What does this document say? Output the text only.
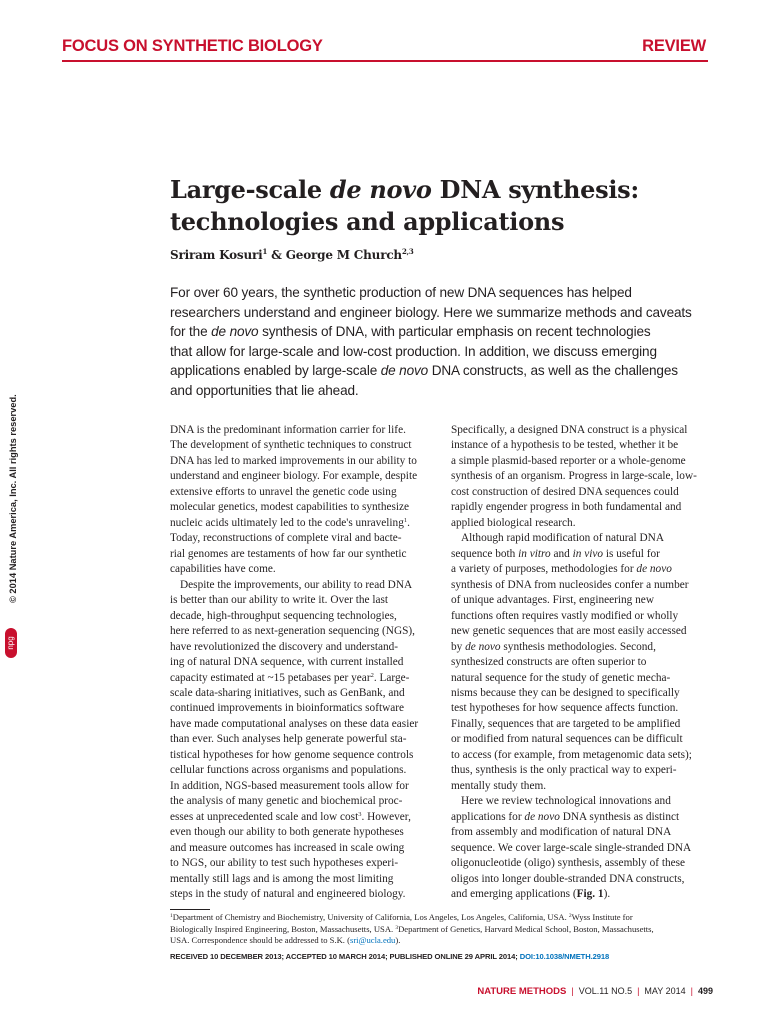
FOCUS ON SYNTHETIC BIOLOGY	REVIEW
Large-scale de novo DNA synthesis:
technologies and applications
Sriram Kosuri$^1$ & George M Church$^{2,3}$
For over 60 years, the synthetic production of new DNA sequences has helped
researchers understand and engineer biology. Here we summarize methods and caveats
for the de novo synthesis of DNA, with particular emphasis on recent technologies
that allow for large-scale and low-cost production. In addition, we discuss emerging
applications enabled by large-scale de novo DNA constructs, as well as the challenges
and opportunities that lie ahead.
© 2014 Nature America, Inc. All rights reserved.
npg
DNA is the predominant information carrier for life.
The development of synthetic techniques to construct
DNA has led to marked improvements in our ability to
understand and engineer biology. For example, despite
extensive efforts to unravel the genetic code using
molecular genetics, modest capabilities to synthesize
nucleic acids ultimately led to the code's unraveling$^1$.
Today, reconstructions of complete viral and bacte-
rial genomes are testaments of how far our synthetic
capabilities have come.
Despite the improvements, our ability to read DNA
is better than our ability to write it. Over the last
decade, high-throughput sequencing technologies,
here referred to as next-generation sequencing (NGS),
have revolutionized the discovery and understand-
ing of natural DNA sequence, with current installed
capacity estimated at ~15 petabases per year$^2$. Large-
scale data-sharing initiatives, such as GenBank, and
continued improvements in bioinformatics software
have made computational analyses on these data easier
than ever. Such analyses help generate powerful sta-
tistical hypotheses for how genome sequence controls
cellular functions across organisms and populations.
In addition, NGS-based measurement tools allow for
the analysis of many genetic and biochemical proc-
esses at unprecedented scale and low cost$^3$. However,
even though our ability to both generate hypotheses
and measure outcomes has increased in scale owing
to NGS, our ability to test such hypotheses experi-
mentally still lags and is among the most limiting
steps in the study of natural and engineered biology.
Specifically, a designed DNA construct is a physical
instance of a hypothesis to be tested, whether it be
a simple plasmid-based reporter or a whole-genome
synthesis of an organism. Progress in large-scale, low-
cost construction of desired DNA sequences could
rapidly engender progress in both fundamental and
applied biological research.
Although rapid modification of natural DNA
sequence both in vitro and in vivo is useful for
a variety of purposes, methodologies for de novo
synthesis of DNA from nucleosides confer a number
of unique advantages. First, engineering new
functions often requires vastly modified or wholly
new genetic sequences that are most easily accessed
by de novo synthesis methodologies. Second,
synthesized constructs are often superior to
natural sequence for the study of genetic mecha-
nisms because they can be designed to specifically
test hypotheses for how sequence affects function.
Finally, sequences that are targeted to be amplified
or modified from natural sequences can be difficult
to access (for example, from metagenomic data sets);
thus, synthesis is the only practical way to experi-
mentally study them.
Here we review technological innovations and
applications for de novo DNA synthesis as distinct
from assembly and modification of natural DNA
sequence. We cover large-scale single-stranded DNA
oligonucleotide (oligo) synthesis, assembly of these
oligos into longer double-stranded DNA constructs,
and emerging applications (Fig. 1).
$^1$Department of Chemistry and Biochemistry, University of California, Los Angeles, Los Angeles, California, USA. $^2$Wyss Institute for
Biologically Inspired Engineering, Boston, Massachusetts, USA. $^3$Department of Genetics, Harvard Medical School, Boston, Massachusetts,
USA. Correspondence should be addressed to S.K. (sri@ucla.edu).
RECEIVED 10 DECEMBER 2013; ACCEPTED 10 MARCH 2014; PUBLISHED ONLINE 29 APRIL 2014; DOI:10.1038/NMETH.2918
NATURE METHODS | VOL.11 NO.5 | MAY 2014 | 499
